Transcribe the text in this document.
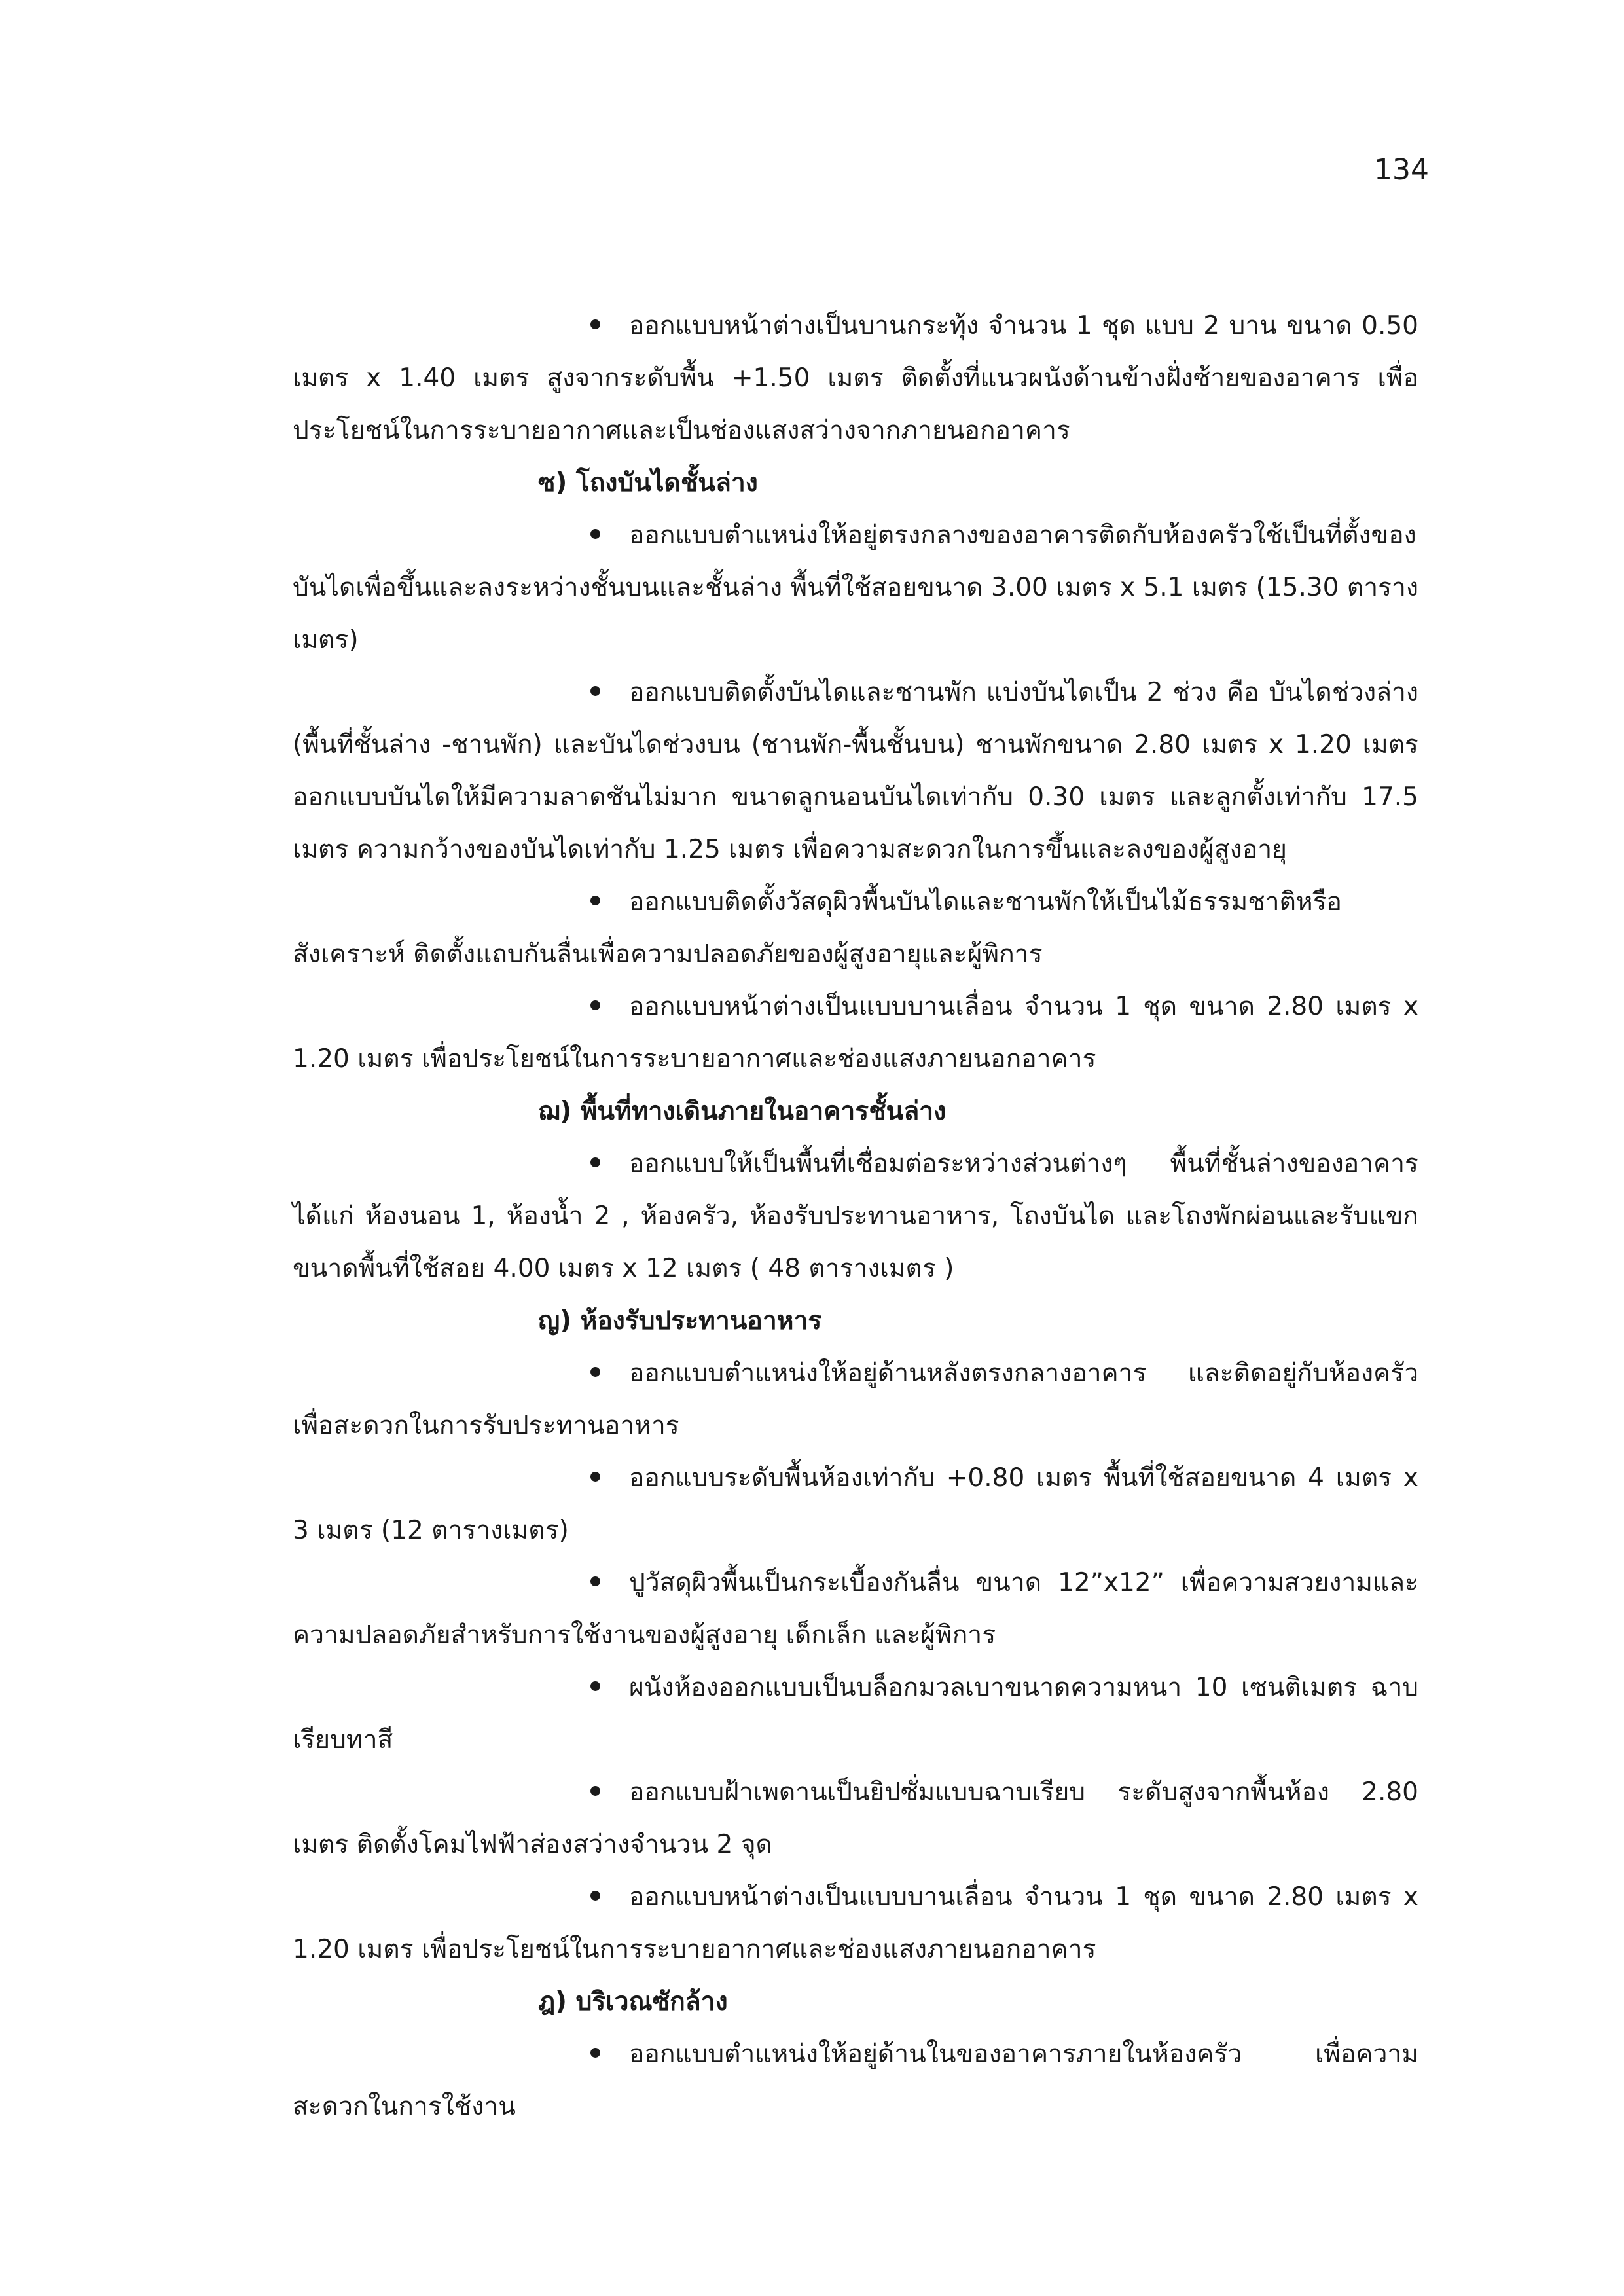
134

ออกแบบหน้าต่างเป็นบานกระทุ้ง จำนวน 1 ชุด แบบ 2 บาน ขนาด 0.50 เมตร x 1.40 เมตร สูงจากระดับพื้น +1.50 เมตร ติดตั้งที่แนวผนังด้านข้างฝั่งซ้ายของอาคาร เพื่อประโยชน์ในการระบายอากาศและเป็นช่องแสงสว่างจากภายนอกอาคาร

ซ) โถงบันไดชั้นล่าง

ออกแบบตำแหน่งให้อยู่ตรงกลางของอาคารติดกับห้องครัวใช้เป็นที่ตั้งของบันไดเพื่อขึ้นและลงระหว่างชั้นบนและชั้นล่าง พื้นที่ใช้สอยขนาด 3.00 เมตร x 5.1 เมตร (15.30 ตารางเมตร)

ออกแบบติดตั้งบันไดและชานพัก แบ่งบันไดเป็น 2 ช่วง คือ บันไดช่วงล่าง (พื้นที่ชั้นล่าง -ชานพัก) และบันไดช่วงบน (ชานพัก-พื้นชั้นบน) ชานพักขนาด 2.80 เมตร x 1.20 เมตร ออกแบบบันไดให้มีความลาดชันไม่มาก ขนาดลูกนอนบันไดเท่ากับ 0.30 เมตร และลูกตั้งเท่ากับ 17.5 เมตร ความกว้างของบันไดเท่ากับ 1.25 เมตร เพื่อความสะดวกในการขึ้นและลงของผู้สูงอายุ

ออกแบบติดตั้งวัสดุผิวพื้นบันไดและชานพักให้เป็นไม้ธรรมชาติหรือสังเคราะห์ ติดตั้งแถบกันลื่นเพื่อความปลอดภัยของผู้สูงอายุและผู้พิการ

ออกแบบหน้าต่างเป็นแบบบานเลื่อน จำนวน 1 ชุด ขนาด 2.80 เมตร x 1.20 เมตร เพื่อประโยชน์ในการระบายอากาศและช่องแสงภายนอกอาคาร

ฌ) พื้นที่ทางเดินภายในอาคารชั้นล่าง

ออกแบบให้เป็นพื้นที่เชื่อมต่อระหว่างส่วนต่างๆ พื้นที่ชั้นล่างของอาคาร ได้แก่ ห้องนอน 1, ห้องน้ำ 2 , ห้องครัว, ห้องรับประทานอาหาร, โถงบันได และโถงพักผ่อนและรับแขก ขนาดพื้นที่ใช้สอย 4.00 เมตร x 12 เมตร ( 48 ตารางเมตร )

ญ) ห้องรับประทานอาหาร

ออกแบบตำแหน่งให้อยู่ด้านหลังตรงกลางอาคาร และติดอยู่กับห้องครัวเพื่อสะดวกในการรับประทานอาหาร

ออกแบบระดับพื้นห้องเท่ากับ +0.80 เมตร พื้นที่ใช้สอยขนาด 4 เมตร x 3 เมตร (12 ตารางเมตร)

ปูวัสดุผิวพื้นเป็นกระเบื้องกันลื่น ขนาด 12”x12” เพื่อความสวยงามและความปลอดภัยสำหรับการใช้งานของผู้สูงอายุ เด็กเล็ก และผู้พิการ

ผนังห้องออกแบบเป็นบล็อกมวลเบาขนาดความหนา 10 เซนติเมตร ฉาบเรียบทาสี

ออกแบบฝ้าเพดานเป็นยิปซั่มแบบฉาบเรียบ ระดับสูงจากพื้นห้อง 2.80 เมตร ติดตั้งโคมไฟฟ้าส่องสว่างจำนวน 2 จุด

ออกแบบหน้าต่างเป็นแบบบานเลื่อน จำนวน 1 ชุด ขนาด 2.80 เมตร x 1.20 เมตร เพื่อประโยชน์ในการระบายอากาศและช่องแสงภายนอกอาคาร

ฎ) บริเวณซักล้าง

ออกแบบตำแหน่งให้อยู่ด้านในของอาคารภายในห้องครัว เพื่อความสะดวกในการใช้งาน
